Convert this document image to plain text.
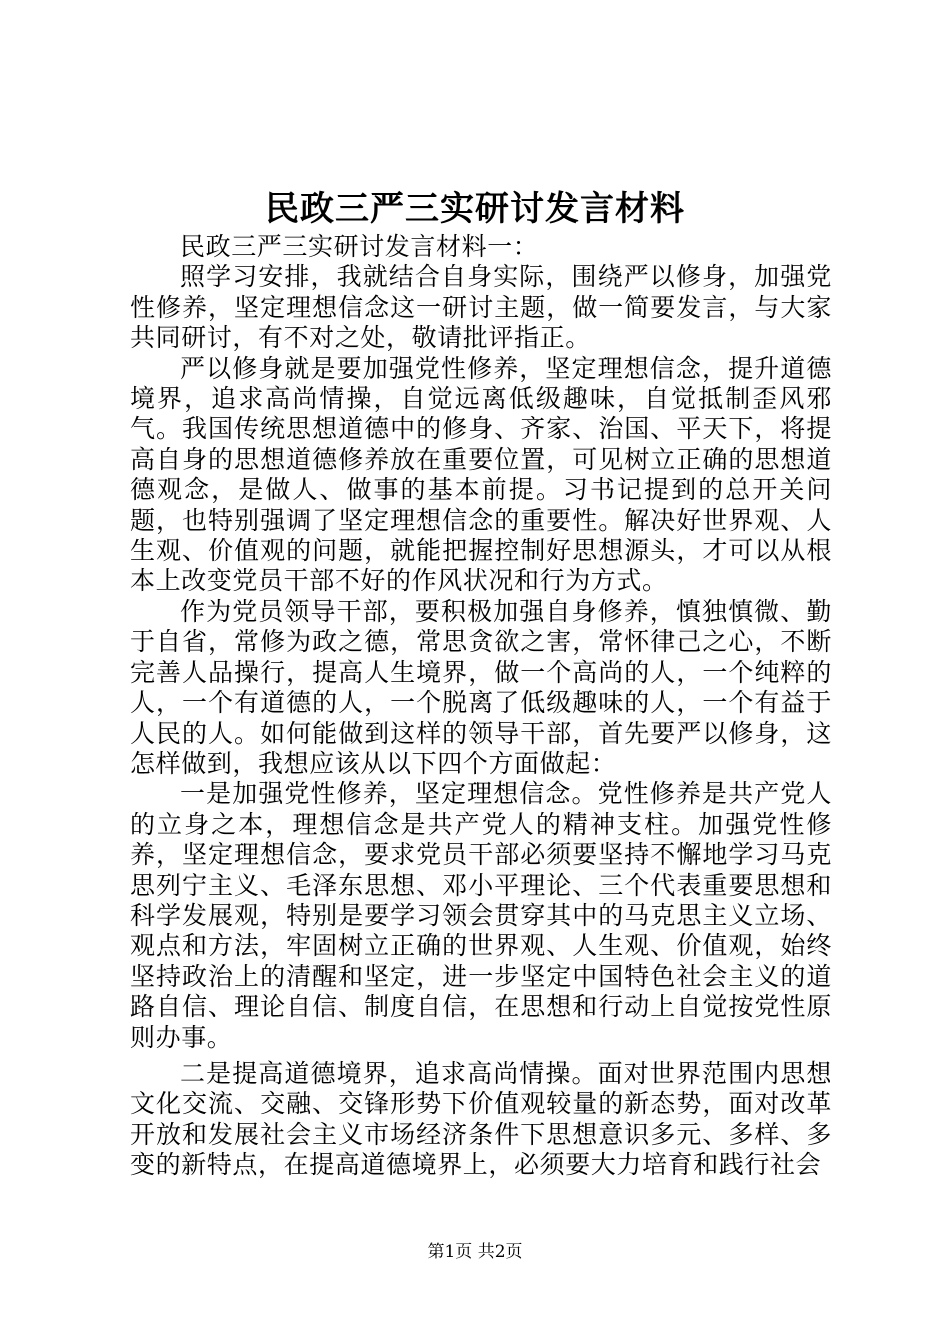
民政三严三实研讨发言材料

民政三严三实研讨发言材料一：

照学习安排，我就结合自身实际，围绕严以修身，加强党性修养，坚定理想信念这一研讨主题，做一简要发言，与大家共同研讨，有不对之处，敬请批评指正。

严以修身就是要加强党性修养，坚定理想信念，提升道德境界，追求高尚情操，自觉远离低级趣味，自觉抵制歪风邪气。我国传统思想道德中的修身、齐家、治国、平天下，将提高自身的思想道德修养放在重要位置，可见树立正确的思想道德观念，是做人、做事的基本前提。习书记提到的总开关问题，也特别强调了坚定理想信念的重要性。解决好世界观、人生观、价值观的问题，就能把握控制好思想源头，才可以从根本上改变党员干部不好的作风状况和行为方式。

作为党员领导干部，要积极加强自身修养，慎独慎微、勤于自省，常修为政之德，常思贪欲之害，常怀律己之心，不断完善人品操行，提高人生境界，做一个高尚的人，一个纯粹的人，一个有道德的人，一个脱离了低级趣味的人，一个有益于人民的人。如何能做到这样的领导干部，首先要严以修身，这怎样做到，我想应该从以下四个方面做起：

一是加强党性修养，坚定理想信念。党性修养是共产党人的立身之本，理想信念是共产党人的精神支柱。加强党性修养，坚定理想信念，要求党员干部必须要坚持不懈地学习马克思列宁主义、毛泽东思想、邓小平理论、三个代表重要思想和科学发展观，特别是要学习领会贯穿其中的马克思主义立场、观点和方法，牢固树立正确的世界观、人生观、价值观，始终坚持政治上的清醒和坚定，进一步坚定中国特色社会主义的道路自信、理论自信、制度自信，在思想和行动上自觉按党性原则办事。

二是提高道德境界，追求高尚情操。面对世界范围内思想文化交流、交融、交锋形势下价值观较量的新态势，面对改革开放和发展社会主义市场经济条件下思想意识多元、多样、多变的新特点，在提高道德境界上，必须要大力培育和践行社会

第1页 共2页
